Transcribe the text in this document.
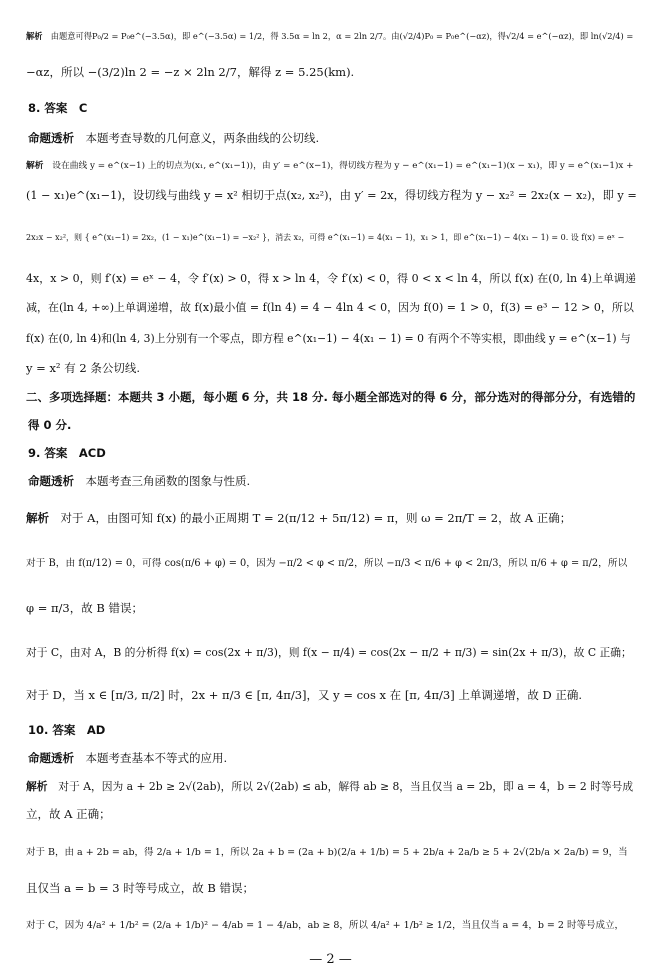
解析　 由题意可得P₀/2 = P₀e^(−3.5α)，即 e^(−3.5α) = 1/2，得 3.5α = ln 2，α = 2ln 2/7。由(√2/4)P₀ = P₀e^(−αz)，得√2/4 = e^(−αz)，即 ln(√2/4) =
−αz，所以 −(3/2)ln 2 = −z × 2ln 2/7，解得 z = 5.25(km).
8. 答案　C
命题透析　 本题考查导数的几何意义，两条曲线的公切线.
解析　 设在曲线 y = e^(x−1) 上的切点为(x₁, e^(x₁−1))，由 y′ = e^(x−1)，得切线方程为 y − e^(x₁−1) = e^(x₁−1)(x − x₁)，即 y = e^(x₁−1)x +
(1 − x₁)e^(x₁−1)，设切线与曲线 y = x² 相切于点(x₂, x₂²)，由 y′ = 2x，得切线方程为 y − x₂² = 2x₂(x − x₂)，即 y =
2x₂x − x₂²，则 { e^(x₁−1) = 2x₂，(1 − x₁)e^(x₁−1) = −x₂² }，消去 x₂，可得 e^(x₁−1) = 4(x₁ − 1)，x₁ > 1，即 e^(x₁−1) − 4(x₁ − 1) = 0. 设 f(x) = eˣ −
4x，x > 0，则 f′(x) = eˣ − 4，令 f′(x) > 0，得 x > ln 4，令 f′(x) < 0，得 0 < x < ln 4，所以 f(x) 在(0, ln 4)上单调递
减，在(ln 4, +∞)上单调递增，故 f(x)最小值 = f(ln 4) = 4 − 4ln 4 < 0，因为 f(0) = 1 > 0，f(3) = e³ − 12 > 0，所以
f(x) 在(0, ln 4)和(ln 4, 3)上分别有一个零点，即方程 e^(x₁−1) − 4(x₁ − 1) = 0 有两个不等实根，即曲线 y = e^(x−1) 与
y = x² 有 2 条公切线.
二、多项选择题：本题共 3 小题，每小题 6 分，共 18 分. 每小题全部选对的得 6 分，部分选对的得部分分，有选错的
得 0 分.
9. 答案　ACD
命题透析　 本题考查三角函数的图象与性质.
解析　 对于 A，由图可知 f(x) 的最小正周期 T = 2(π/12 + 5π/12) = π，则 ω = 2π/T = 2，故 A 正确；
对于 B，由 f(π/12) = 0，可得 cos(π/6 + φ) = 0，因为 −π/2 < φ < π/2，所以 −π/3 < π/6 + φ < 2π/3，所以 π/6 + φ = π/2，所以
φ = π/3，故 B 错误；
对于 C，由对 A，B 的分析得 f(x) = cos(2x + π/3)，则 f(x − π/4) = cos(2x − π/2 + π/3) = sin(2x + π/3)，故 C 正确；
对于 D，当 x ∈ [π/3, π/2] 时，2x + π/3 ∈ [π, 4π/3]，又 y = cos x 在 [π, 4π/3] 上单调递增，故 D 正确.
10. 答案　AD
命题透析　 本题考查基本不等式的应用.
解析　 对于 A，因为 a + 2b ≥ 2√(2ab)，所以 2√(2ab) ≤ ab，解得 ab ≥ 8，当且仅当 a = 2b，即 a = 4，b = 2 时等号成
立，故 A 正确；
对于 B，由 a + 2b = ab，得 2/a + 1/b = 1，所以 2a + b = (2a + b)(2/a + 1/b) = 5 + 2b/a + 2a/b ≥ 5 + 2√(2b/a × 2a/b) = 9，当
且仅当 a = b = 3 时等号成立，故 B 错误；
对于 C，因为 4/a² + 1/b² = (2/a + 1/b)² − 4/ab = 1 − 4/ab，ab ≥ 8，所以 4/a² + 1/b² ≥ 1/2，当且仅当 a = 4，b = 2 时等号成立，
— 2 —
